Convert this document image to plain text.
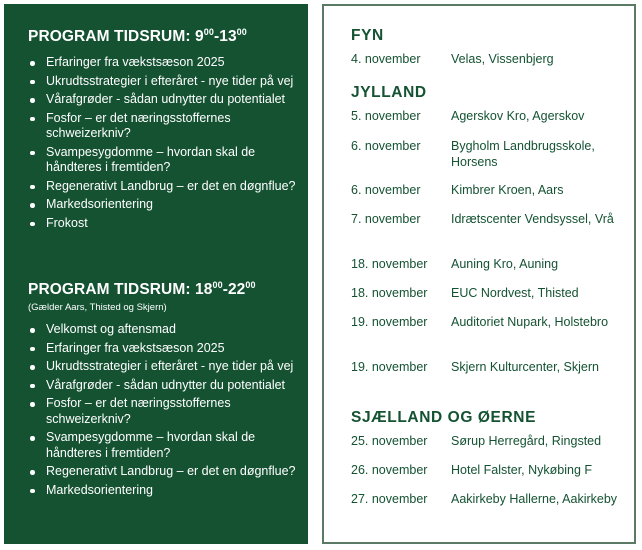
PROGRAM TIDSRUM: $9^{00}-13^{00}$
Erfaringer fra vækstsæson 2025
Ukrudtsstrategier i efteråret - nye tider på vej
Vårafgrøder - sådan udnytter du potentialet
Fosfor – er det næringsstoffernes schweizerkniv?
Svampesygdomme – hvordan skal de håndteres i fremtiden?
Regenerativt Landbrug – er det en døgnflue?
Markedsorientering
Frokost
PROGRAM TIDSRUM: $18^{00}-22^{00}$
(Gælder Aars, Thisted og Skjern)
Velkomst og aftensmad
Erfaringer fra vækstsæson 2025
Ukrudtsstrategier i efteråret - nye tider på vej
Vårafgrøder - sådan udnytter du potentialet
Fosfor – er det næringsstoffernes schweizerkniv?
Svampesygdomme – hvordan skal de håndteres i fremtiden?
Regenerativt Landbrug – er det en døgnflue?
Markedsorientering
FYN
4. november	Velas, Vissenbjerg
JYLLAND
5. november	Agerskov Kro, Agerskov
6. november	Bygholm Landbrugsskole, Horsens
6. november	Kimbrer Kroen, Aars
7. november	Idrætscenter Vendsyssel, Vrå
18. november	Auning Kro, Auning
18. november	EUC Nordvest, Thisted
19. november	Auditoriet Nupark, Holstebro
19. november	Skjern Kulturcenter, Skjern
SJÆLLAND OG ØERNE
25. november	Sørup Herregård, Ringsted
26. november	Hotel Falster, Nykøbing F
27. november	Aakirkeby Hallerne, Aakirkeby
